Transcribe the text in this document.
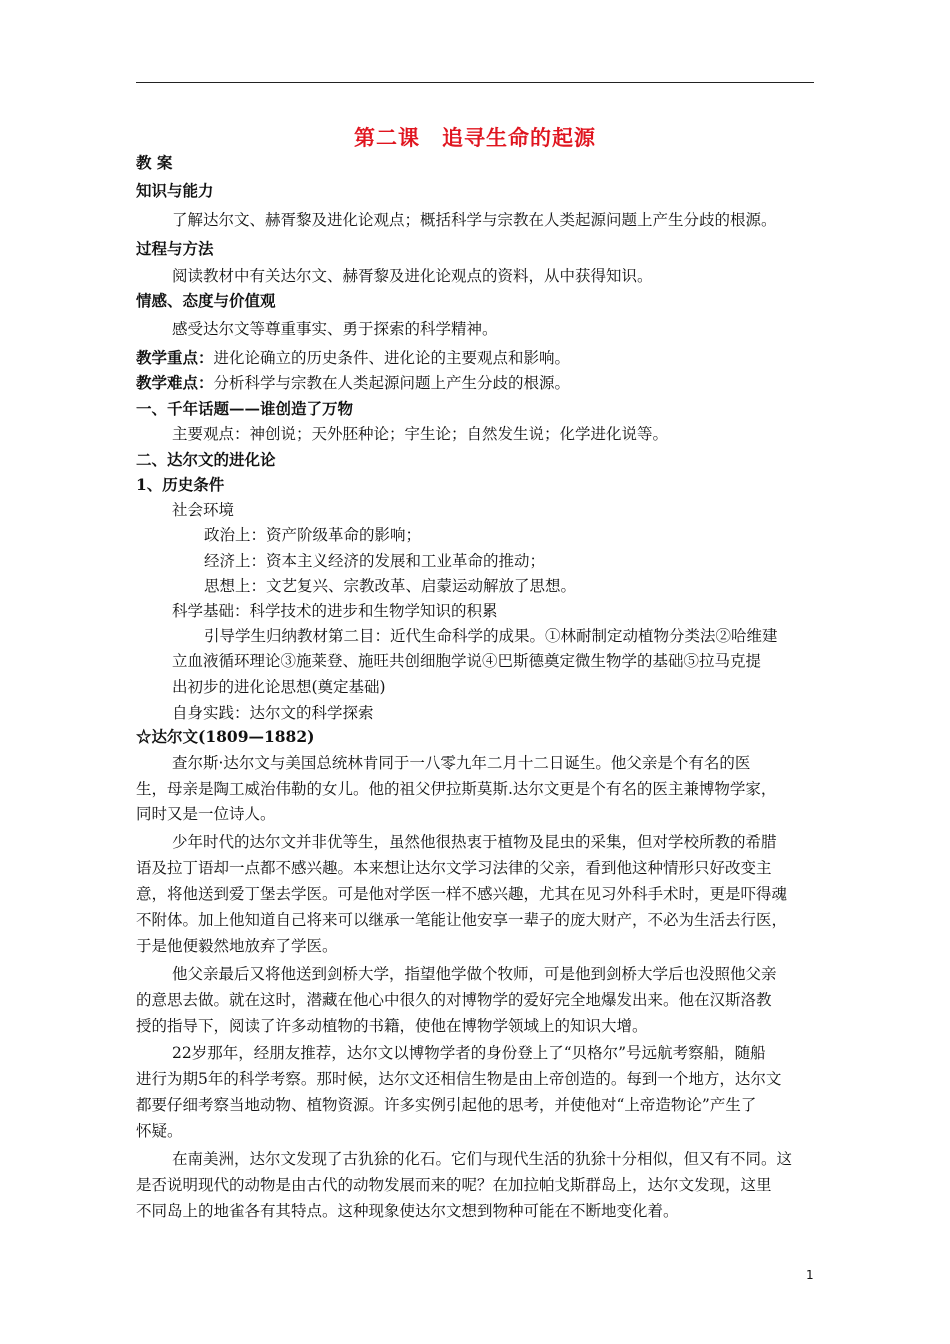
第二课 追寻生命的起源
教 案
知识与能力
了解达尔文、赫胥黎及进化论观点；概括科学与宗教在人类起源问题上产生分歧的根源。
过程与方法
阅读教材中有关达尔文、赫胥黎及进化论观点的资料，从中获得知识。
情感、态度与价值观
感受达尔文等尊重事实、勇于探索的科学精神。
教学重点：进化论确立的历史条件、进化论的主要观点和影响。
教学难点：分析科学与宗教在人类起源问题上产生分歧的根源。
一、千年话题——谁创造了万物
主要观点：神创说；天外胚种论；宇生论；自然发生说；化学进化说等。
二、达尔文的进化论
1、历史条件
社会环境
政治上：资产阶级革命的影响；
经济上：资本主义经济的发展和工业革命的推动；
思想上：文艺复兴、宗教改革、启蒙运动解放了思想。
科学基础：科学技术的进步和生物学知识的积累
引导学生归纳教材第二目：近代生命科学的成果。①林耐制定动植物分类法②哈维建
立血液循环理论③施莱登、施旺共创细胞学说④巴斯德奠定微生物学的基础⑤拉马克提
出初步的进化论思想(奠定基础)
自身实践：达尔文的科学探索
☆达尔文(1809—1882)
查尔斯·达尔文与美国总统林肯同于一八零九年二月十二日诞生。他父亲是个有名的医
生，母亲是陶工威治伟勒的女儿。他的祖父伊拉斯莫斯.达尔文更是个有名的医主兼博物学家，
同时又是一位诗人。
少年时代的达尔文并非优等生，虽然他很热衷于植物及昆虫的采集，但对学校所教的希腊
语及拉丁语却一点都不感兴趣。本来想让达尔文学习法律的父亲，看到他这种情形只好改变主
意，将他送到爱丁堡去学医。可是他对学医一样不感兴趣，尤其在见习外科手术时，更是吓得魂
不附体。加上他知道自己将来可以继承一笔能让他安享一辈子的庞大财产，不必为生活去行医，
于是他便毅然地放弃了学医。
他父亲最后又将他送到剑桥大学，指望他学做个牧师，可是他到剑桥大学后也没照他父亲
的意思去做。就在这时，潜藏在他心中很久的对博物学的爱好完全地爆发出来。他在汉斯洛教
授的指导下，阅读了许多动植物的书籍，使他在博物学领域上的知识大增。
22岁那年，经朋友推荐，达尔文以博物学者的身份登上了“贝格尔”号远航考察船，随船
进行为期5年的科学考察。那时候，达尔文还相信生物是由上帝创造的。每到一个地方，达尔文
都要仔细考察当地动物、植物资源。许多实例引起他的思考，并使他对“上帝造物论”产生了
怀疑。
在南美洲，达尔文发现了古犰狳的化石。它们与现代生活的犰狳十分相似，但又有不同。这
是否说明现代的动物是由古代的动物发展而来的呢？在加拉帕戈斯群岛上，达尔文发现，这里
不同岛上的地雀各有其特点。这种现象使达尔文想到物种可能在不断地变化着。
1
